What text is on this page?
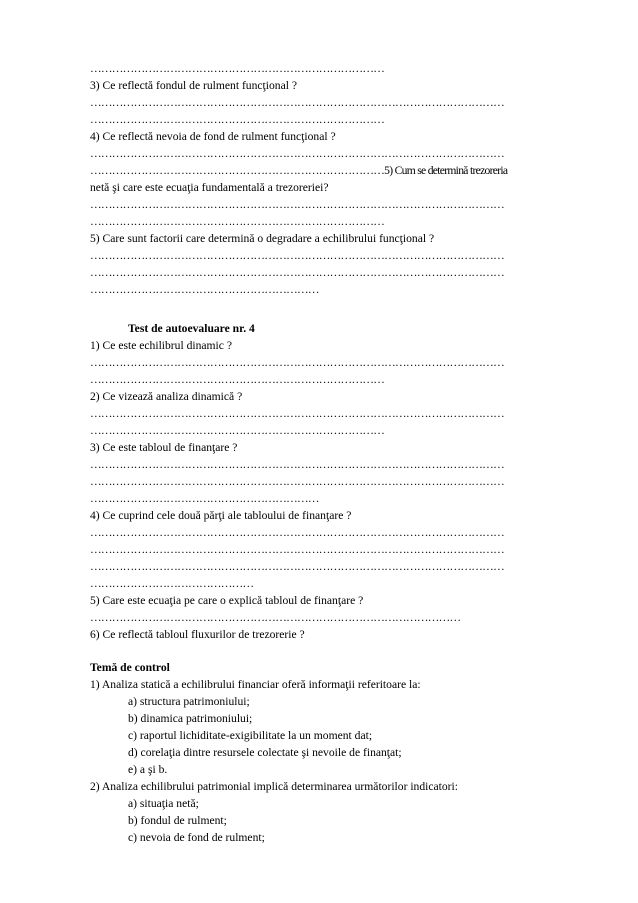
………………………………………………………………………
3) Ce reflectă fondul de rulment funcţional ?
……………………………………………………………………………………………………
………………………………………………………………………
4) Ce reflectă nevoia de fond de rulment funcţional ?
……………………………………………………………………………………………………
………………………………………………………………………5) Cum se determină trezoreria
netă şi care este ecuaţia fundamentală a trezoreriei?
……………………………………………………………………………………………………
………………………………………………………………………
5) Care sunt factorii care determină o degradare a echilibrului funcţional ?
……………………………………………………………………………………………………
……………………………………………………………………………………………………
………………………………………………………
Test de autoevaluare nr. 4
1) Ce este echilibrul dinamic ?
……………………………………………………………………………………………………
………………………………………………………………………
2) Ce vizează analiza dinamică ?
……………………………………………………………………………………………………
………………………………………………………………………
3) Ce este tabloul de finanţare ?
……………………………………………………………………………………………………
……………………………………………………………………………………………………
………………………………………………………
4) Ce cuprind cele două părţi ale tabloului de finanţare ?
……………………………………………………………………………………………………
……………………………………………………………………………………………………
……………………………………………………………………………………………………
………………………………………
5) Care este ecuaţia pe care o explică tabloul de finanţare ?
…………………………………………………………………………………………
6) Ce reflectă tabloul fluxurilor de trezorerie ?
Temă de control
1) Analiza statică a echilibrului financiar oferă informaţii referitoare la:
a) structura patrimoniului;
b) dinamica patrimoniului;
c) raportul lichiditate-exigibilitate la un moment dat;
d) corelaţia dintre resursele colectate şi nevoile de finanţat;
e) a şi b.
2) Analiza echilibrului patrimonial implică determinarea următorilor indicatori:
a) situaţia netă;
b) fondul de rulment;
c) nevoia de fond de rulment;
